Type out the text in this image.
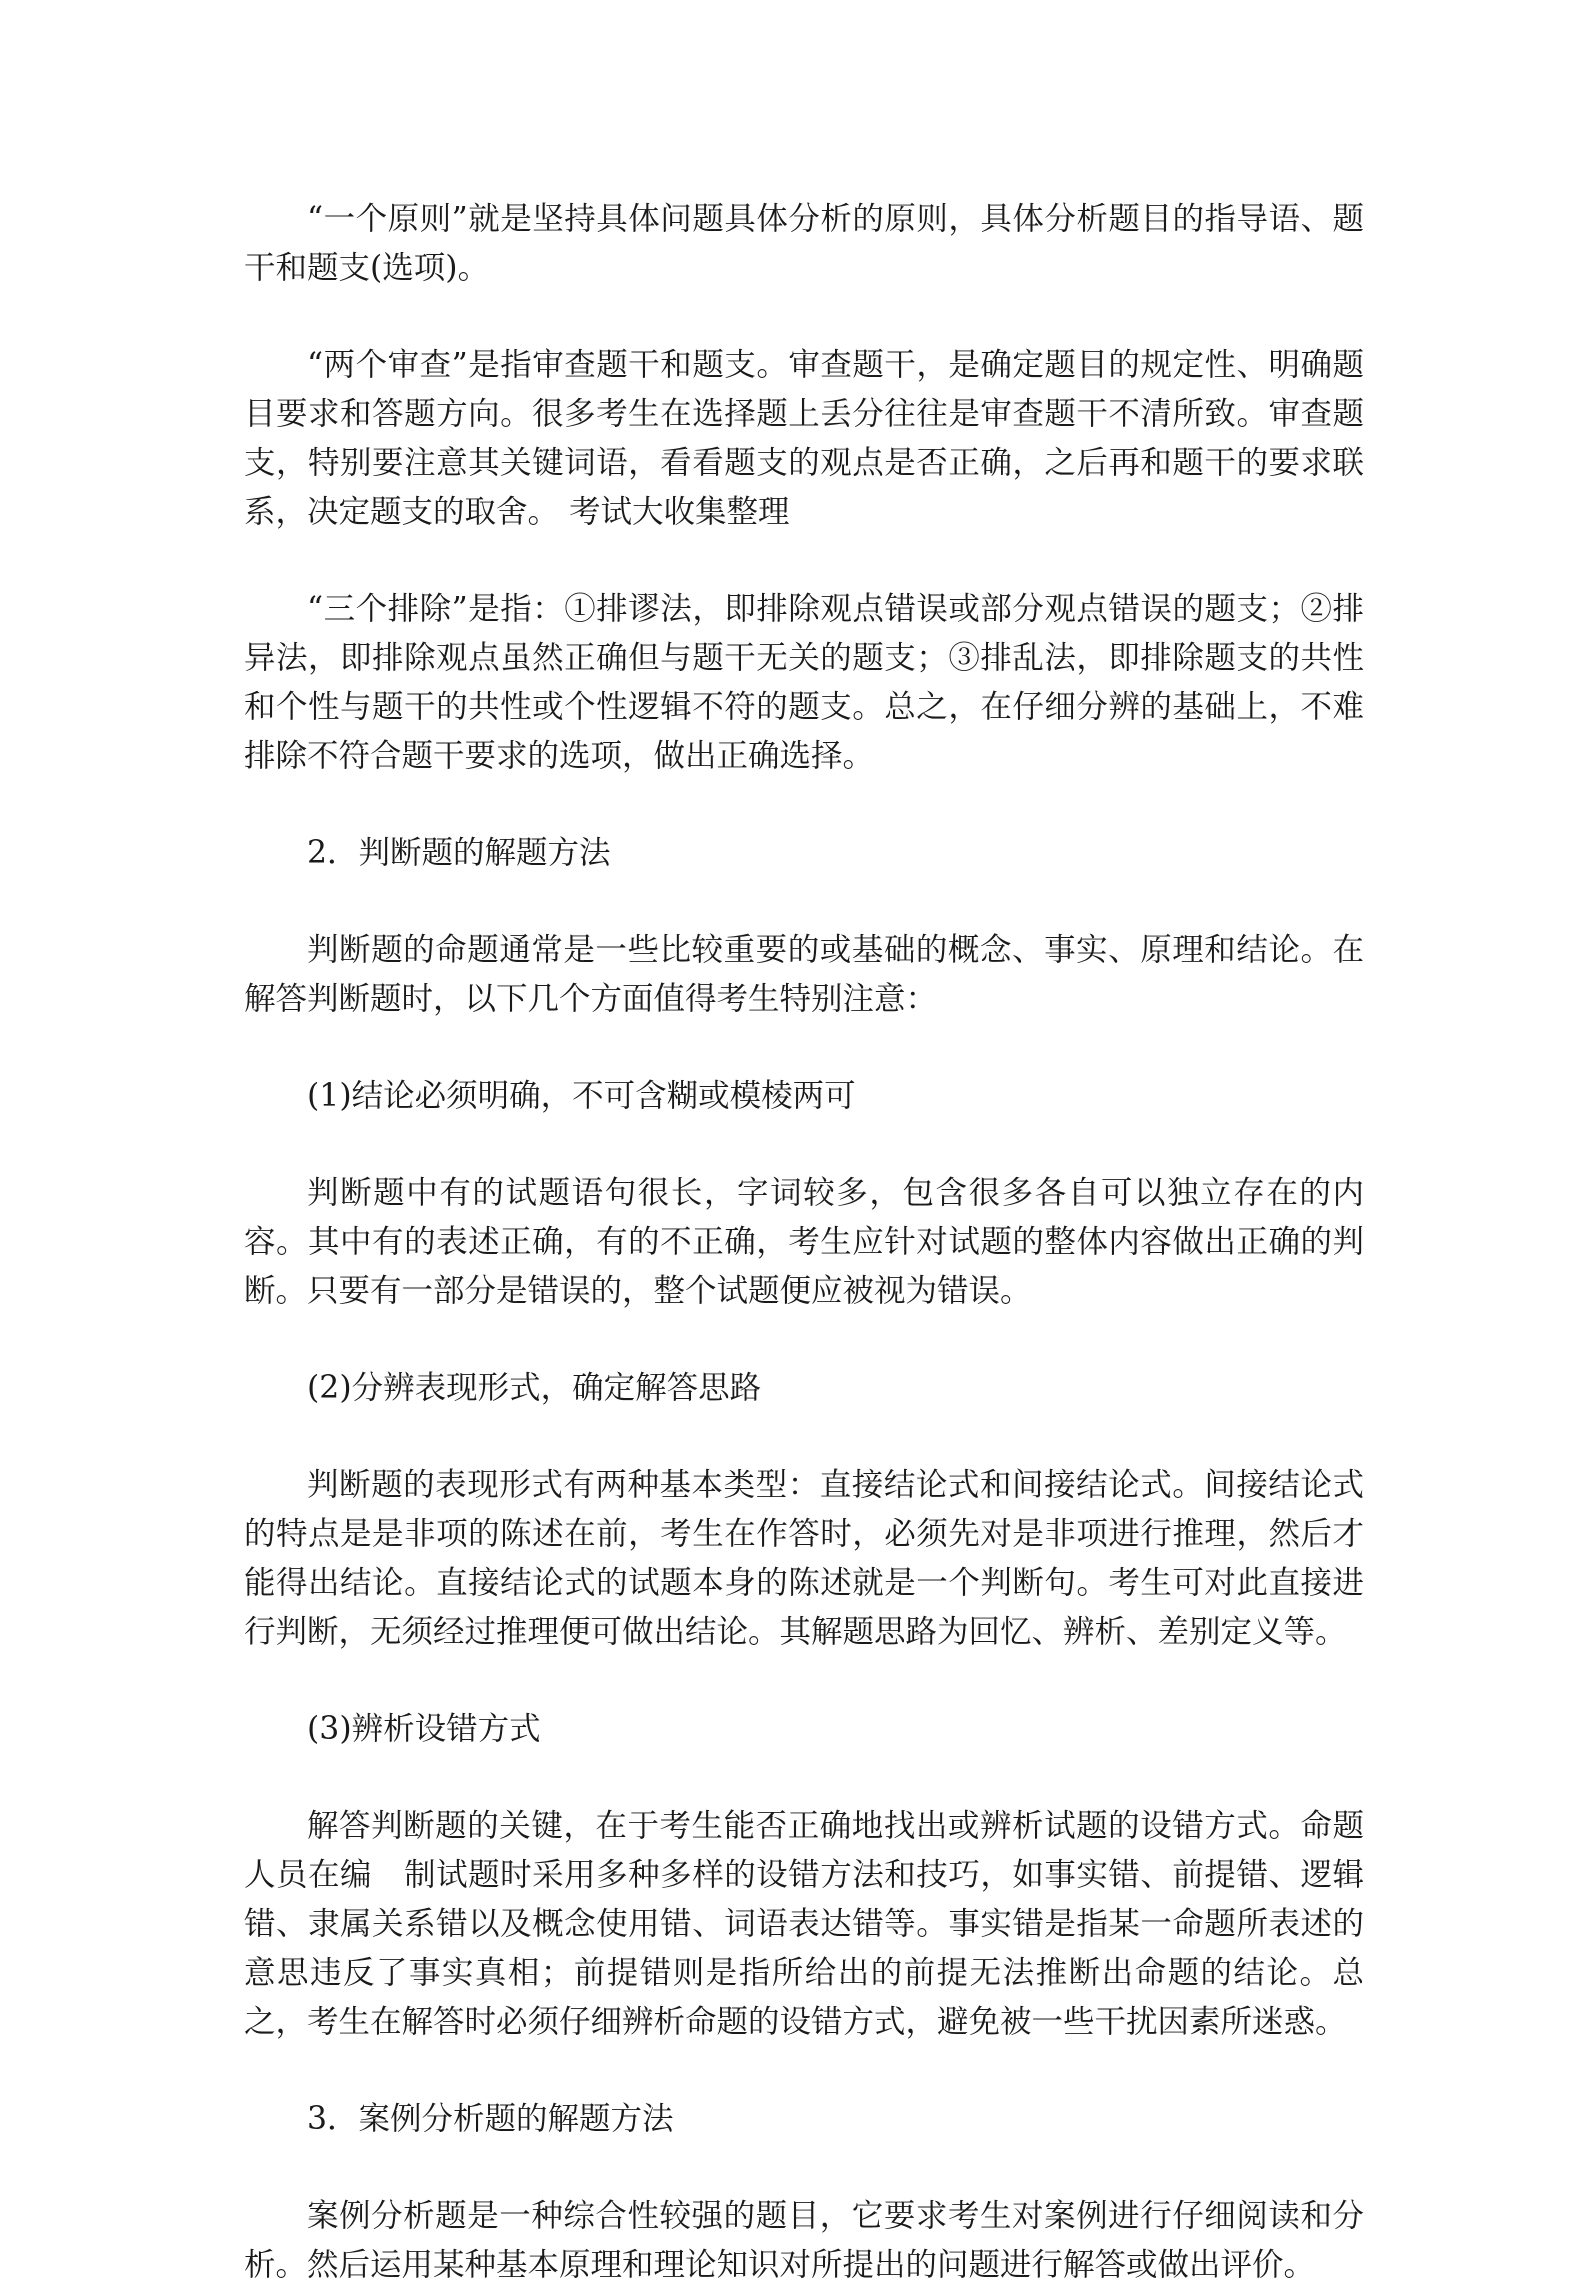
“一个原则”就是坚持具体问题具体分析的原则，具体分析题目的指导语、题干和题支(选项)。

“两个审查”是指审查题干和题支。审查题干，是确定题目的规定性、明确题目要求和答题方向。很多考生在选择题上丢分往往是审查题干不清所致。审查题支，特别要注意其关键词语，看看题支的观点是否正确，之后再和题干的要求联系，决定题支的取舍。 考试大收集整理

“三个排除”是指：①排谬法，即排除观点错误或部分观点错误的题支；②排异法，即排除观点虽然正确但与题干无关的题支；③排乱法，即排除题支的共性和个性与题干的共性或个性逻辑不符的题支。总之，在仔细分辨的基础上，不难排除不符合题干要求的选项，做出正确选择。

2．判断题的解题方法

判断题的命题通常是一些比较重要的或基础的概念、事实、原理和结论。在解答判断题时，以下几个方面值得考生特别注意：

(1)结论必须明确，不可含糊或模棱两可

判断题中有的试题语句很长，字词较多，包含很多各自可以独立存在的内容。其中有的表述正确，有的不正确，考生应针对试题的整体内容做出正确的判断。只要有一部分是错误的，整个试题便应被视为错误。

(2)分辨表现形式，确定解答思路

判断题的表现形式有两种基本类型：直接结论式和间接结论式。间接结论式的特点是是非项的陈述在前，考生在作答时，必须先对是非项进行推理，然后才能得出结论。直接结论式的试题本身的陈述就是一个判断句。考生可对此直接进行判断，无须经过推理便可做出结论。其解题思路为回忆、辨析、差别定义等。

(3)辨析设错方式

解答判断题的关键，在于考生能否正确地找出或辨析试题的设错方式。命题人员在编　制试题时采用多种多样的设错方法和技巧，如事实错、前提错、逻辑错、隶属关系错以及概念使用错、词语表达错等。事实错是指某一命题所表述的意思违反了事实真相；前提错则是指所给出的前提无法推断出命题的结论。总之，考生在解答时必须仔细辨析命题的设错方式，避免被一些干扰因素所迷惑。

3．案例分析题的解题方法

案例分析题是一种综合性较强的题目，它要求考生对案例进行仔细阅读和分析。然后运用某种基本原理和理论知识对所提出的问题进行解答或做出评价。
